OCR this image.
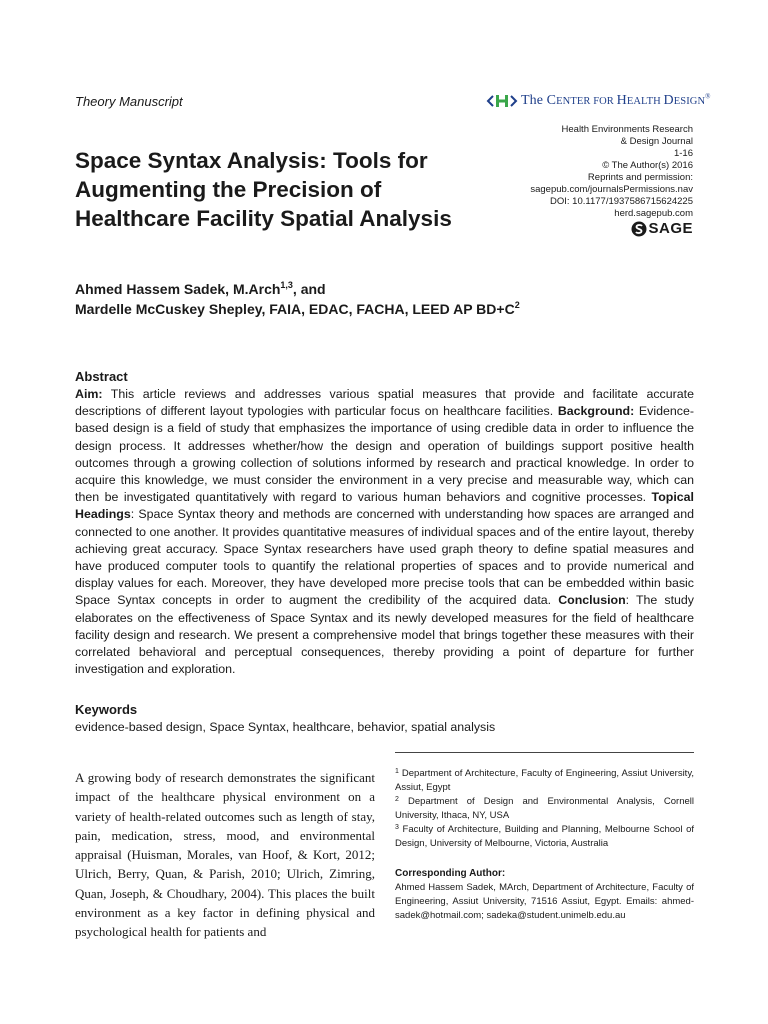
Theory Manuscript	The CENTER FOR HEALTH DESIGN®
Health Environments Research
& Design Journal
1-16
© The Author(s) 2016
Reprints and permission:
sagepub.com/journalsPermissions.nav
DOI: 10.1177/1937586715624225
herd.sagepub.com
SAGE
Space Syntax Analysis: Tools for
Augmenting the Precision of
Healthcare Facility Spatial Analysis
Ahmed Hassem Sadek, M.Arch$^{1,3}$, and
Mardelle McCuskey Shepley, FAIA, EDAC, FACHA, LEED AP $BD+C^2$
Abstract
Aim: This article reviews and addresses various spatial measures that provide and facilitate accurate descriptions of different layout typologies with particular focus on healthcare facilities. Background: Evidence-based design is a field of study that emphasizes the importance of using credible data in order to influence the design process. It addresses whether/how the design and operation of buildings support positive health outcomes through a growing collection of solutions informed by research and practical knowledge. In order to acquire this knowledge, we must consider the environment in a very precise and measurable way, which can then be investigated quantitatively with regard to various human behaviors and cognitive processes. Topical Headings: Space Syntax theory and methods are concerned with understanding how spaces are arranged and connected to one another. It provides quantitative measures of individual spaces and of the entire layout, thereby achieving great accuracy. Space Syntax researchers have used graph theory to define spatial measures and have produced computer tools to quantify the relational properties of spaces and to provide numerical and display values for each. Moreover, they have developed more precise tools that can be embedded within basic Space Syntax concepts in order to augment the credibility of the acquired data. Conclusion: The study elaborates on the effectiveness of Space Syntax and its newly developed measures for the field of healthcare facility design and research. We present a comprehensive model that brings together these measures with their correlated behavioral and perceptual consequences, thereby providing a point of departure for further investigation and exploration.
Keywords
evidence-based design, Space Syntax, healthcare, behavior, spatial analysis
A growing body of research demonstrates the significant impact of the healthcare physical environment on a variety of health-related outcomes such as length of stay, pain, medication, stress, mood, and environmental appraisal (Huisman, Morales, van Hoof, & Kort, 2012; Ulrich, Berry, Quan, & Parish, 2010; Ulrich, Zimring, Quan, Joseph, & Choudhary, 2004). This places the built environment as a key factor in defining physical and psychological health for patients and

$^1$ Department of Architecture, Faculty of Engineering, Assiut University, Assiut, Egypt

$^2$ Department of Design and Environmental Analysis, Cornell University, Ithaca, NY, USA

$^3$ Faculty of Architecture, Building and Planning, Melbourne School of Design, University of Melbourne, Victoria, Australia

Corresponding Author:
Ahmed Hassem Sadek, MArch, Department of Architecture, Faculty of Engineering, Assiut University, 71516 Assiut, Egypt. Emails: ahmed-sadek@hotmail.com; sadeka@student.unimelb.edu.au
